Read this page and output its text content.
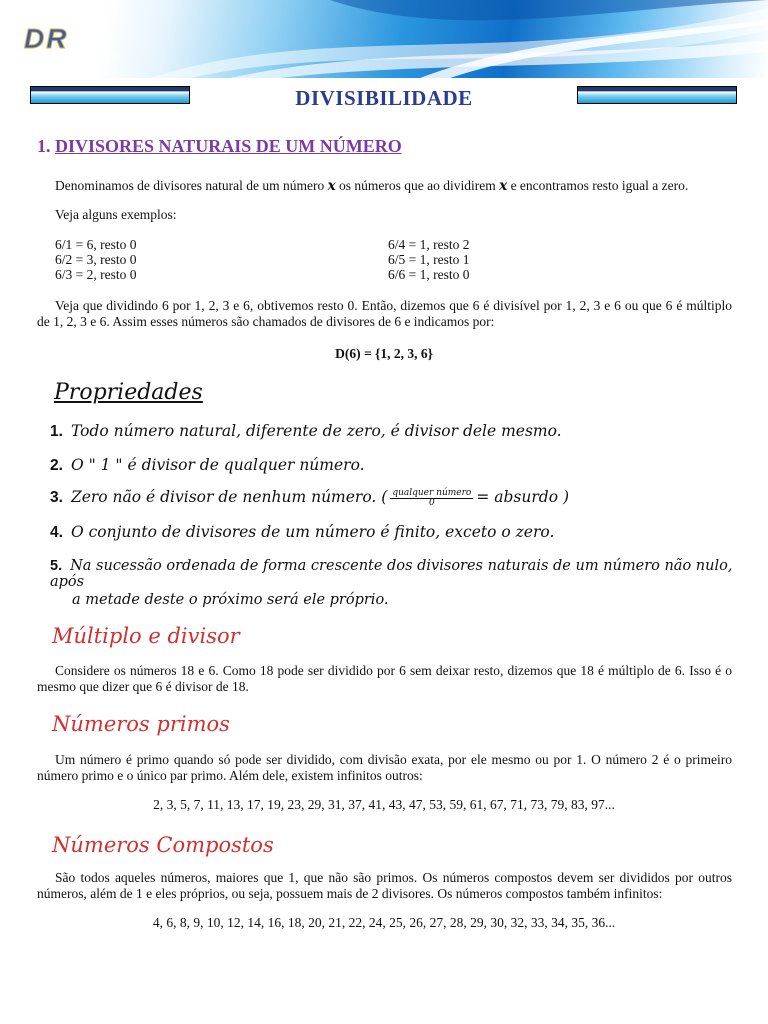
DR
CIÊNCIAS EXATAS
DIVISIBILIDADE
1. DIVISORES NATURAIS DE UM NÚMERO
Denominamos de divisores natural de um número x os números que ao dividirem x e encontramos resto igual a zero.
Veja alguns exemplos:
6/1 = 6, resto 0
6/2 = 3, resto 0
6/3 = 2, resto 0
6/4 = 1, resto 2
6/5 = 1, resto 1
6/6 = 1, resto 0
Veja que dividindo 6 por 1, 2, 3 e 6, obtivemos resto 0. Então, dizemos que 6 é divisível por 1, 2, 3 e 6 ou que 6 é múltiplo de 1, 2, 3 e 6. Assim esses números são chamados de divisores de 6 e indicamos por:
D(6) = {1, 2, 3, 6}
Propriedades
1. Todo número natural, diferente de zero, é divisor dele mesmo.
2. O " 1 " é divisor de qualquer número.
3. Zero não é divisor de nenhum número. ( $\frac{\text{qualquer número}}{0}$ = absurdo )
4. O conjunto de divisores de um número é finito, exceto o zero.
5. Na sucessão ordenada de forma crescente dos divisores naturais de um número não nulo, após
a metade deste o próximo será ele próprio.
Múltiplo e divisor
Considere os números 18 e 6. Como 18 pode ser dividido por 6 sem deixar resto, dizemos que 18 é múltiplo de 6. Isso é o mesmo que dizer que 6 é divisor de 18.
Números primos
Um número é primo quando só pode ser dividido, com divisão exata, por ele mesmo ou por 1. O número 2 é o primeiro número primo e o único par primo. Além dele, existem infinitos outros:
2, 3, 5, 7, 11, 13, 17, 19, 23, 29, 31, 37, 41, 43, 47, 53, 59, 61, 67, 71, 73, 79, 83, 97...
Números Compostos
São todos aqueles números, maiores que 1, que não são primos. Os números compostos devem ser divididos por outros números, além de 1 e eles próprios, ou seja, possuem mais de 2 divisores. Os números compostos também infinitos:
4, 6, 8, 9, 10, 12, 14, 16, 18, 20, 21, 22, 24, 25, 26, 27, 28, 29, 30, 32, 33, 34, 35, 36...
